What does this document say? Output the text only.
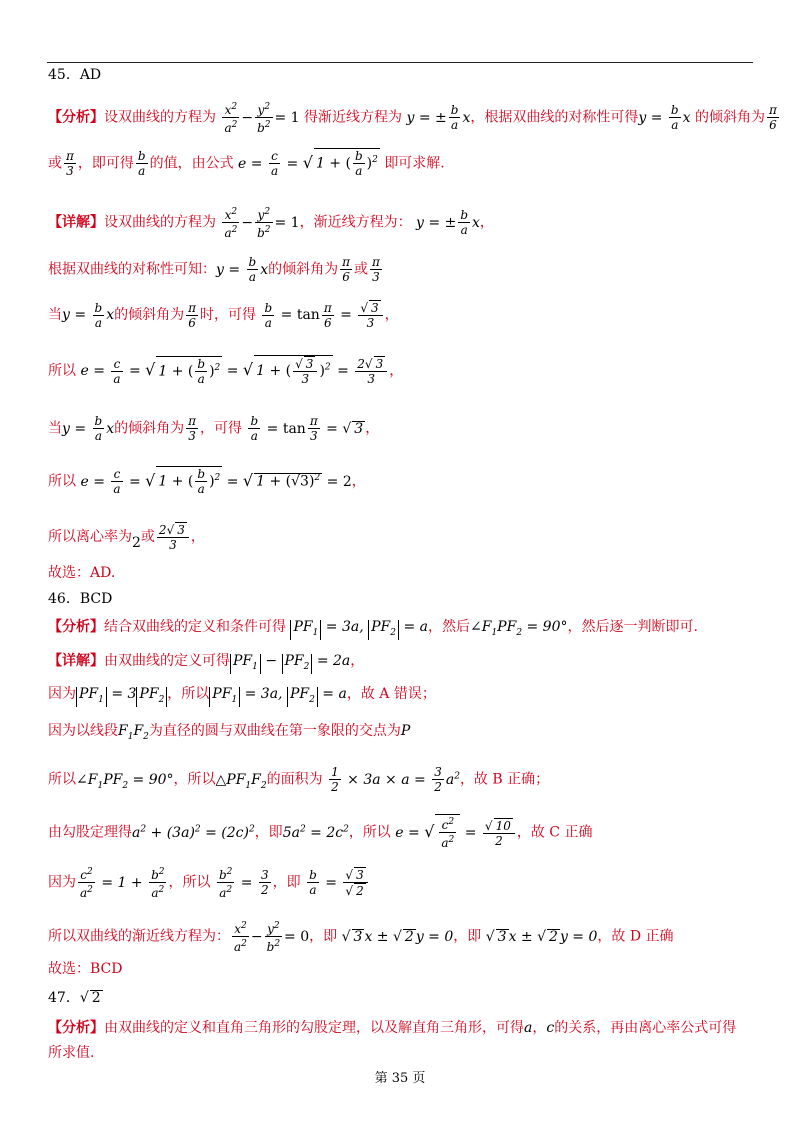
45．AD
【分析】设双曲线的方程为 $\frac{x^2}{a^2} - \frac{y^2}{b^2} = 1$ 得渐近线方程为 y = ± $\frac{b}{a}$ x，根据双曲线的对称性可得$y = \frac{b}{a}$ x 的倾斜角为 $\frac{\pi}{6}$
或 $\frac{\pi}{3}$ ，即可得 $\frac{b}{a}$ 的值，由公式 $e = \frac{c}{a}$ = √ 1 + ( $\frac{b}{a} )^2$ 即可求解.
【详解】设双曲线的方程为 $\frac{x^2}{a^2} - \frac{y^2}{b^2} = 1$，渐近线方程为： y = ± $\frac{b}{a}$ x，
根据双曲线的对称性可知：$y = \frac{b}{a}$ x的倾斜角为 $\frac{\pi}{6}$ 或 $\frac{\pi}{3}$
当$y = \frac{b}{a}$ x的倾斜角为 $\frac{\pi}{6}$ 时，可得 $\frac{b}{a} = \tan \frac{\pi}{6} = \frac{√ 3}{3}$ ，
所以 $e = \frac{c}{a}$ = √ 1 + ( $\frac{b}{a} )^2$ = √ 1 + ( $\frac{√ 3}{3} )^2 = \frac{2√ 3}{3}$ ，
当$y = \frac{b}{a}$ x的倾斜角为 $\frac{\pi}{3}$ ，可得 $\frac{b}{a} = \tan \frac{\pi}{3}$ = √ 3 ，
所以 $e = \frac{c}{a}$ = √ 1 + ( $\frac{b}{a} )^2$ = √ $1 + (√3)^2 = 2$，
所以离心率为2或 $\frac{2√ 3}{3}$ ，
故选：AD.
46．BCD
【分析】结合双曲线的定义和条件可得 $PF_1 = 3a$, $PF_2 = a$，然后$\angle F_1PF_2 = 90^\circ$，然后逐一判断即可.
【详解】由双曲线的定义可得 $PF_1 - PF_2 = 2a$，
因为 $PF_1 = 3$ $PF_2$ ，所以 $PF_1 = 3a$, $PF_2 = a$，故 A 错误；
因为以线段$F_1F_2$为直径的圆与双曲线在第一象限的交点为P
所以$\angle F_1PF_2 = 90^\circ$，所以$\triangle PF_1F_2$的面积为 $\frac{1}{2} \times 3a \times a = \frac{3}{2} a^2$，故 B 正确；
由勾股定理得$a^2 + (3a)^2 = (2c)^2$，即$5a^2 = 2c^2$，所以 e = √ $\frac{c^2}{a^2} = \frac{√ 10}{2}$ ，故 C 正确
因为 $\frac{c^2}{a^2} = 1 + \frac{b^2}{a^2}$ ，所以 $\frac{b^2}{a^2} = \frac{3}{2}$ ，即 $\frac{b}{a} = \frac{√ 3}{√ 2}$
所以双曲线的渐近线方程为： $\frac{x^2}{a^2} - \frac{y^2}{b^2} = 0$，即 √ 3 x ± √ 2 y = 0，即 √ 3 x ± √ 2 y = 0，故 D 正确
故选：BCD
47．√ 2
【分析】由双曲线的定义和直角三角形的勾股定理，以及解直角三角形，可得a，c的关系，再由离心率公式可得
所求值.
第 35 页
